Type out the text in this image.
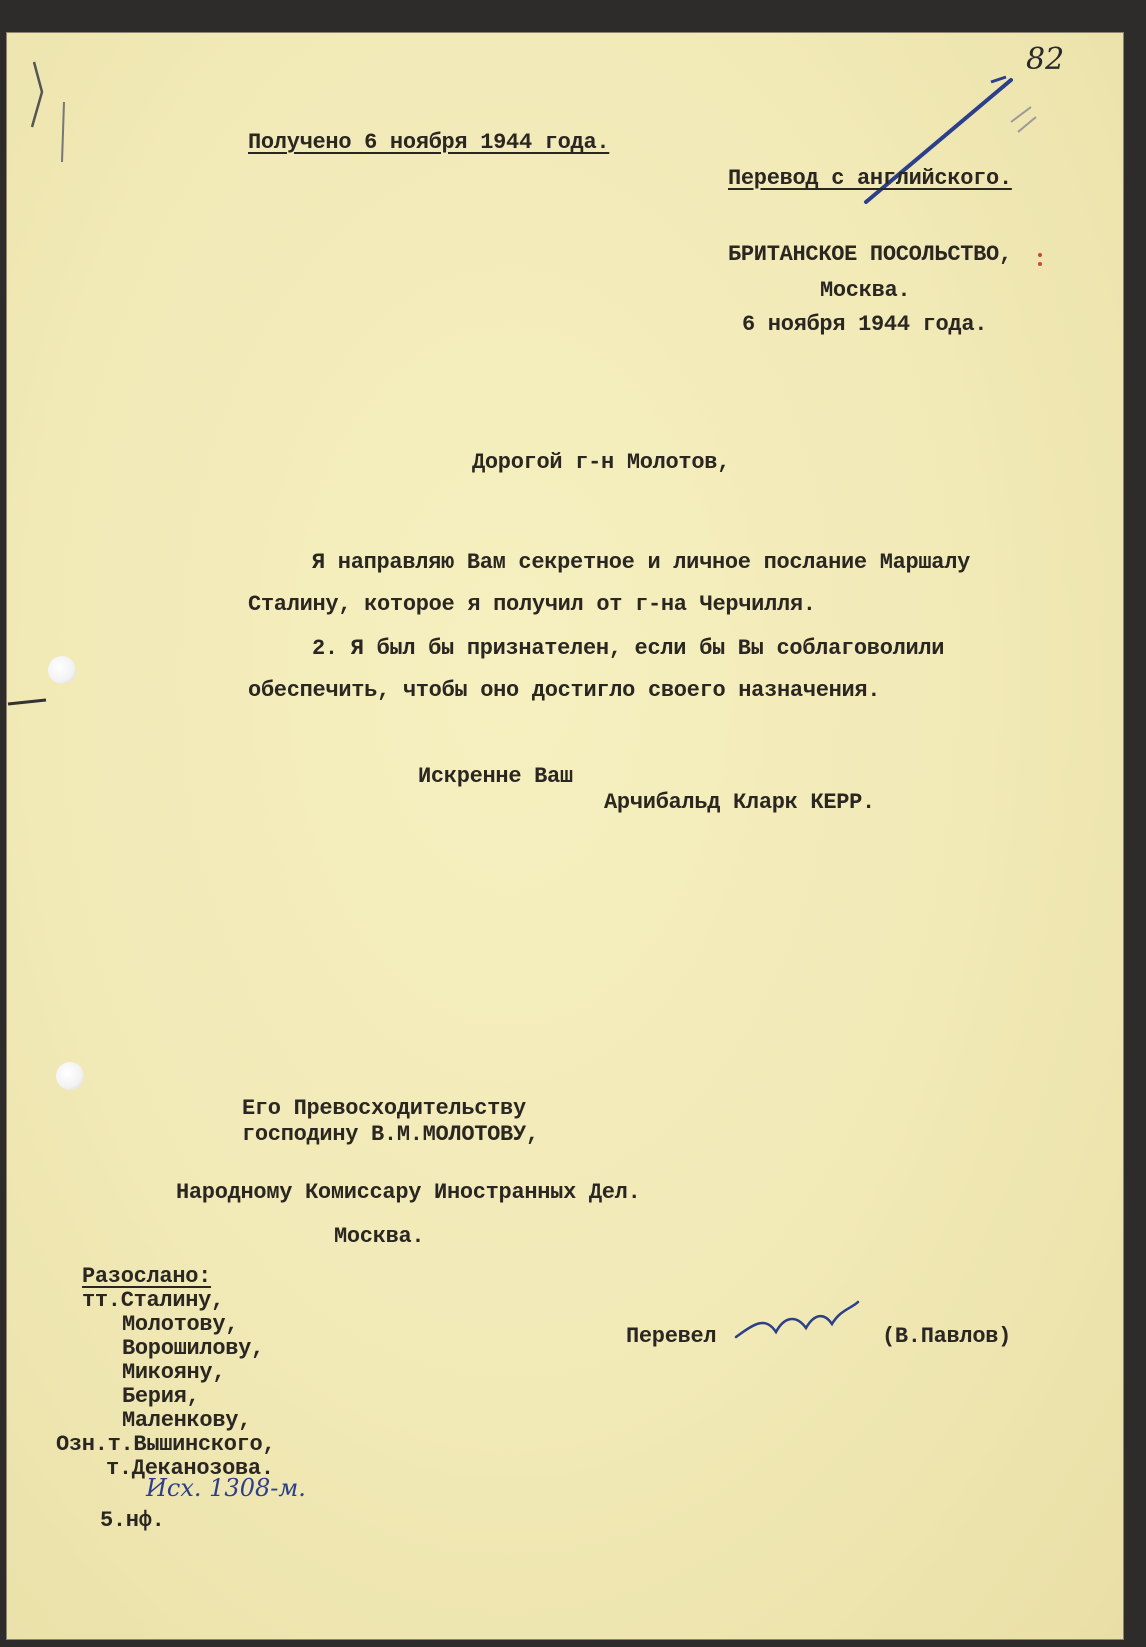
82
Получено 6 ноября 1944 года.
Перевод с английского.
БРИТАНСКОЕ ПОСОЛЬСТВО,
Москва.
6 ноября 1944 года.
Дорогой г-н Молотов,
Я направляю Вам секретное и личное послание Маршалу
Сталину, которое я получил от г-на Черчилля.
2. Я был бы признателен, если бы Вы соблаговолили
обеспечить, чтобы оно достигло своего назначения.
Искренне Ваш
Арчибальд Кларк КЕРР.
Его Превосходительству
господину В.М.МОЛОТОВУ,
Народному Комиссару Иностранных Дел.
Москва.
Разослано:
тт.Сталину,
Молотову,
Ворошилову,
Микояну,
Берия,
Маленкову,
Озн.т.Вышинского,
т.Деканозова.
Исх. 1308-м.
5.нф.
Перевел	(В.Павлов)
